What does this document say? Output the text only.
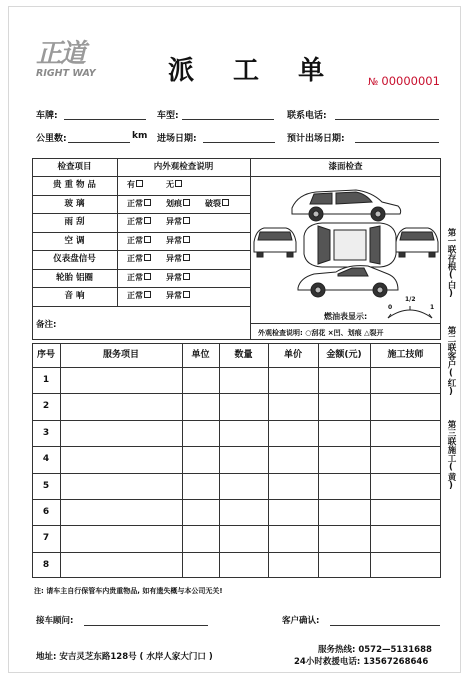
正道
RIGHT WAY	派 工 单	№ 00000001
车牌:	车型:	联系电话:
公里数:	km 进场日期:	预计出场日期:
检查项目	内外观检查说明	漆面检查
贵 重 物 品	有	无
玻 璃	正常	划痕	破裂
雨 刮	正常	异常
空 调	正常	异常
仪表盘信号	正常	异常
轮胎 铝圈	正常	异常
音 响	正常	异常
燃油表显示:
0
1/2
1
备注:
外观检查说明: ○刮花 ×凹、划痕 △裂开
序号	服务项目	单位	数量	单价	金额(元)	施工技师
1
2
3
4
5
6
7
8
第一联存根(白)
第二联客户(红)
第三联施工(黄)
注: 请车主自行保管车内贵重物品, 如有遗失概与本公司无关!
接车顾问:	客户确认:
地址: 安吉灵芝东路128号 ( 水岸人家大门口 )
服务热线: 0572—5131688
24小时救援电话: 13567268646
